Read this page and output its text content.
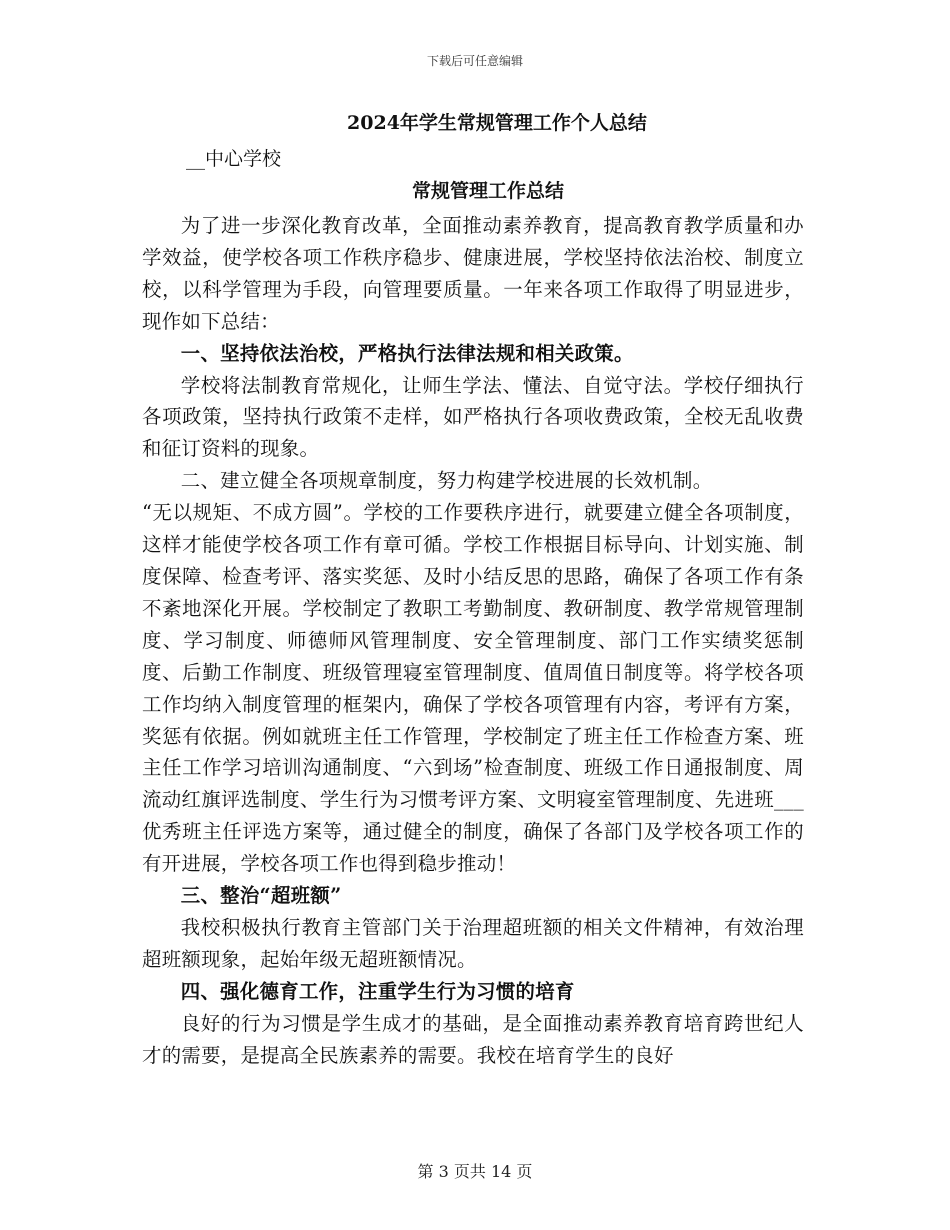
下载后可任意编辑
2024年学生常规管理工作个人总结
__中心学校
常规管理工作总结

为了进一步深化教育改革，全面推动素养教育，提高教育教学质量和办学效益，使学校各项工作秩序稳步、健康进展，学校坚持依法治校、制度立校，以科学管理为手段，向管理要质量。一年来各项工作取得了明显进步，现作如下总结：

一、坚持依法治校，严格执行法律法规和相关政策。

学校将法制教育常规化，让师生学法、懂法、自觉守法。学校仔细执行各项政策，坚持执行政策不走样，如严格执行各项收费政策，全校无乱收费和征订资料的现象。

二、建立健全各项规章制度，努力构建学校进展的长效机制。

“无以规矩、不成方圆”。学校的工作要秩序进行，就要建立健全各项制度，这样才能使学校各项工作有章可循。学校工作根据目标导向、计划实施、制度保障、检查考评、落实奖惩、及时小结反思的思路，确保了各项工作有条不紊地深化开展。学校制定了教职工考勤制度、教研制度、教学常规管理制度、学习制度、师德师风管理制度、安全管理制度、部门工作实绩奖惩制度、后勤工作制度、班级管理寝室管理制度、值周值日制度等。将学校各项工作均纳入制度管理的框架内，确保了学校各项管理有内容，考评有方案，奖惩有依据。例如就班主任工作管理，学校制定了班主任工作检查方案、班主任工作学习培训沟通制度、“六到场”检查制度、班级工作日通报制度、周流动红旗评选制度、学生行为习惯考评方案、文明寝室管理制度、先进班___优秀班主任评选方案等，通过健全的制度，确保了各部门及学校各项工作的有开进展，学校各项工作也得到稳步推动！

三、整治“超班额”

我校积极执行教育主管部门关于治理超班额的相关文件精神，有效治理超班额现象，起始年级无超班额情况。

四、强化德育工作，注重学生行为习惯的培育

良好的行为习惯是学生成才的基础，是全面推动素养教育培育跨世纪人才的需要，是提高全民族素养的需要。我校在培育学生的良好

第 3 页共 14 页
